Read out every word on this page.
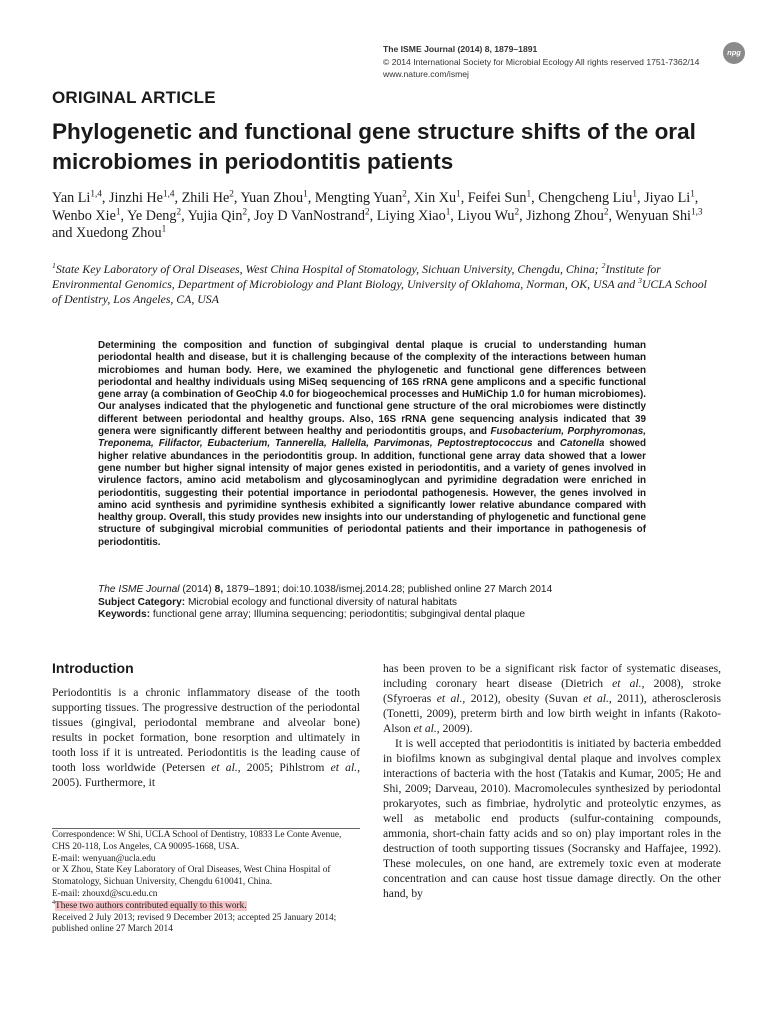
The ISME Journal (2014) 8, 1879–1891
© 2014 International Society for Microbial Ecology All rights reserved 1751-7362/14
www.nature.com/ismej
npg
ORIGINAL ARTICLE
Phylogenetic and functional gene structure shifts of the oral microbiomes in periodontitis patients
Yan Li$^{1,4}$, Jinzhi He$^{1,4}$, Zhili He$^2$, Yuan Zhou$^1$, Mengting Yuan$^2$, Xin Xu$^1$, Feifei Sun$^1$, Chengcheng Liu$^1$, Jiyao Li$^1$, Wenbo Xie$^1$, Ye Deng$^2$, Yujia Qin$^2$, Joy D VanNostrand$^2$, Liying Xiao$^1$, Liyou Wu$^2$, Jizhong Zhou$^2$, Wenyuan Shi$^{1,3}$ and Xuedong Zhou$^1$
$^1$State Key Laboratory of Oral Diseases, West China Hospital of Stomatology, Sichuan University, Chengdu, China; $^2$Institute for Environmental Genomics, Department of Microbiology and Plant Biology, University of Oklahoma, Norman, OK, USA and $^3$UCLA School of Dentistry, Los Angeles, CA, USA
Determining the composition and function of subgingival dental plaque is crucial to understanding human periodontal health and disease, but it is challenging because of the complexity of the interactions between human microbiomes and human body. Here, we examined the phylogenetic and functional gene differences between periodontal and healthy individuals using MiSeq sequencing of 16S rRNA gene amplicons and a specific functional gene array (a combination of GeoChip 4.0 for biogeochemical processes and HuMiChip 1.0 for human microbiomes). Our analyses indicated that the phylogenetic and functional gene structure of the oral microbiomes were distinctly different between periodontal and healthy groups. Also, 16S rRNA gene sequencing analysis indicated that 39 genera were significantly different between healthy and periodontitis groups, and Fusobacterium, Porphyromonas, Treponema, Filifactor, Eubacterium, Tannerella, Hallella, Parvimonas, Peptostreptococcus and Catonella showed higher relative abundances in the periodontitis group. In addition, functional gene array data showed that a lower gene number but higher signal intensity of major genes existed in periodontitis, and a variety of genes involved in virulence factors, amino acid metabolism and glycosaminoglycan and pyrimidine degradation were enriched in periodontitis, suggesting their potential importance in periodontal pathogenesis. However, the genes involved in amino acid synthesis and pyrimidine synthesis exhibited a significantly lower relative abundance compared with healthy group. Overall, this study provides new insights into our understanding of phylogenetic and functional gene structure of subgingival microbial communities of periodontal patients and their importance in pathogenesis of periodontitis.
The ISME Journal (2014) 8, 1879–1891; doi:10.1038/ismej.2014.28; published online 27 March 2014
Subject Category: Microbial ecology and functional diversity of natural habitats
Keywords: functional gene array; Illumina sequencing; periodontitis; subgingival dental plaque
Introduction
Periodontitis is a chronic inflammatory disease of the tooth supporting tissues. The progressive destruction of the periodontal tissues (gingival, periodontal membrane and alveolar bone) results in pocket formation, bone resorption and ultimately in tooth loss if it is untreated. Periodontitis is the leading cause of tooth loss worldwide (Petersen et al., 2005; Pihlstrom et al., 2005). Furthermore, it
Correspondence: W Shi, UCLA School of Dentistry, 10833 Le Conte Avenue, CHS 20-118, Los Angeles, CA 90095-1668, USA.
E-mail: wenyuan@ucla.edu
or X Zhou, State Key Laboratory of Oral Diseases, West China Hospital of Stomatology, Sichuan University, Chengdu 610041, China.
E-mail: zhouxd@scu.edu.cn
$^4$These two authors contributed equally to this work.
Received 2 July 2013; revised 9 December 2013; accepted 25 January 2014; published online 27 March 2014

has been proven to be a significant risk factor of systematic diseases, including coronary heart disease (Dietrich et al., 2008), stroke (Sfyroeras et al., 2012), obesity (Suvan et al., 2011), atherosclerosis (Tonetti, 2009), preterm birth and low birth weight in infants (Rakoto-Alson et al., 2009).

It is well accepted that periodontitis is initiated by bacteria embedded in biofilms known as subgingival dental plaque and involves complex interactions of bacteria with the host (Tatakis and Kumar, 2005; He and Shi, 2009; Darveau, 2010). Macromolecules synthesized by periodontal prokaryotes, such as fimbriae, hydrolytic and proteolytic enzymes, as well as metabolic end products (sulfur-containing compounds, ammonia, short-chain fatty acids and so on) play important roles in the destruction of tooth supporting tissues (Socransky and Haffajee, 1992). These molecules, on one hand, are extremely toxic even at moderate concentration and can cause host tissue damage directly. On the other hand, by
